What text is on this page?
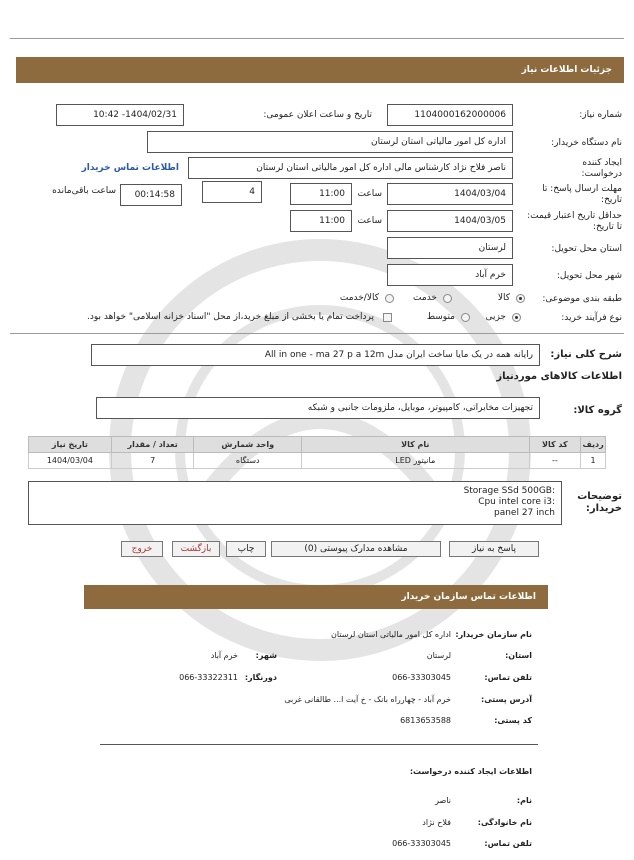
جزئیات اطلاعات نیاز
شماره نیاز:
1104000162000006
تاریخ و ساعت اعلان عمومی:
1404/02/31- 10:42
نام دستگاه خریدار:
اداره کل امور مالیاتی استان لرستان
ایجاد کننده درخواست:
ناصر فلاح نژاد کارشناس مالی اداره کل امور مالیاتی استان لرستان
اطلاعات تماس خریدار
مهلت ارسال پاسخ: تا تاریخ:
1404/03/04
ساعت
11:00
4
00:14:58
ساعت باقی‌مانده
حداقل تاریخ اعتبار قیمت: تا تاریخ:
1404/03/05
ساعت
11:00
استان محل تحویل:
لرستان
شهر محل تحویل:
خرم آباد
طبقه بندی موضوعی:
کالا
خدمت
کالا/خدمت
نوع فرآیند خرید:
جزیی
متوسط
پرداخت تمام یا بخشی از مبلغ خرید،از محل "اسناد خزانه اسلامی" خواهد بود.
شرح کلی نیاز:
رایانه همه در یک مایا ساخت ایران مدل All in one - ma 27 p a 12m
اطلاعات کالاهای موردنیاز
گروه کالا:
تجهیزات مخابراتی، کامپیوتر، موبایل، ملزومات جانبی و شبکه
ردیف	کد کالا	نام کالا	واحد شمارش	تعداد / مقدار	تاریخ نیاز
1	--	مانیتور LED	دستگاه	7	1404/03/04
توضیحات خریدار:
Storage SSd 500GB:
Cpu intel core i3:
panel 27 inch
پاسخ به نیاز
مشاهده مدارک پیوستی (0)
چاپ
بازگشت
خروج
اطلاعات تماس سازمان خریدار
نام سازمان خریدار:
اداره کل امور مالیاتی استان لرستان
استان:
لرستان
شهر:
خرم آباد
تلفن تماس:
066-33303045
دورنگار:
066-33322311
آدرس پستی:
خرم آباد - چهارراه بانک - خ آیت ا... طالقانی غربی
کد پستی:
6813653588
اطلاعات ایجاد کننده درخواست:
نام:
ناصر
نام خانوادگی:
فلاح نژاد
تلفن تماس:
066-33303045
